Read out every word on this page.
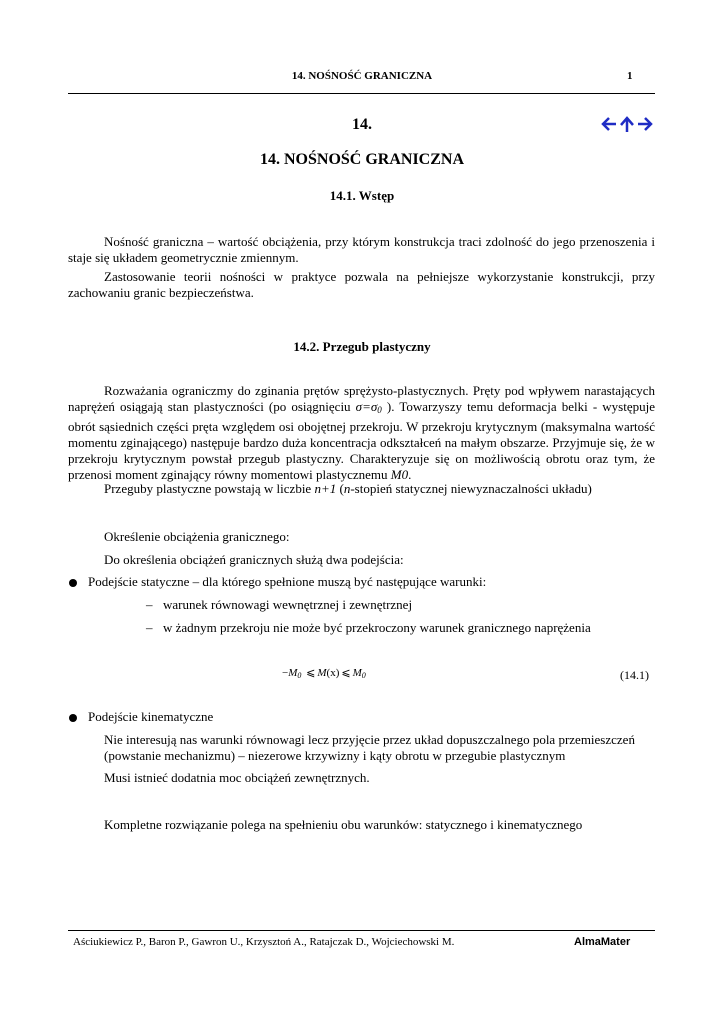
14. NOŚNOŚĆ GRANICZNA	1
14.
14. NOŚNOŚĆ GRANICZNA
14.1. Wstęp
Nośność graniczna – wartość obciążenia, przy którym konstrukcja traci zdolność do jego przenoszenia i staje się układem geometrycznie zmiennym.
Zastosowanie teorii nośności w praktyce pozwala na pełniejsze wykorzystanie konstrukcji, przy zachowaniu granic bezpieczeństwa.
14.2. Przegub plastyczny
Rozważania ograniczmy do zginania prętów sprężysto-plastycznych. Pręty pod wpływem narastających naprężeń osiągają stan plastyczności (po osiągnięciu σ=σ0 ). Towarzyszy temu deformacja belki - występuje obrót sąsiednich części pręta względem osi obojętnej przekroju. W przekroju krytycznym (maksymalna wartość momentu zginającego) następuje bardzo duża koncentracja odkształceń na małym obszarze. Przyjmuje się, że w przekroju krytycznym powstał przegub plastyczny. Charakteryzuje się on możliwością obrotu oraz tym, że przenosi moment zginający równy momentowi plastycznemu M0.
Przeguby plastyczne powstają w liczbie n+1 (n-stopień statycznej niewyznaczalności układu)
Określenie obciążenia granicznego:
Do określenia obciążeń granicznych służą dwa podejścia:
Podejście statyczne – dla którego spełnione muszą być następujące warunki:
– warunek równowagi wewnętrznej i zewnętrznej
– w żadnym przekroju nie może być przekroczony warunek granicznego naprężenia
$-M_0$ ⩽ M(x) ⩽ $M_0$	(14.1)
Podejście kinematyczne
Nie interesują nas warunki równowagi lecz przyjęcie przez układ dopuszczalnego pola przemieszczeń
(powstanie mechanizmu) – niezerowe krzywizny i kąty obrotu w przegubie plastycznym
Musi istnieć dodatnia moc obciążeń zewnętrznych.
Kompletne rozwiązanie polega na spełnieniu obu warunków: statycznego i kinematycznego
Aściukiewicz P., Baron P., Gawron U., Krzysztoń A., Ratajczak D., Wojciechowski M.	AlmaMater
